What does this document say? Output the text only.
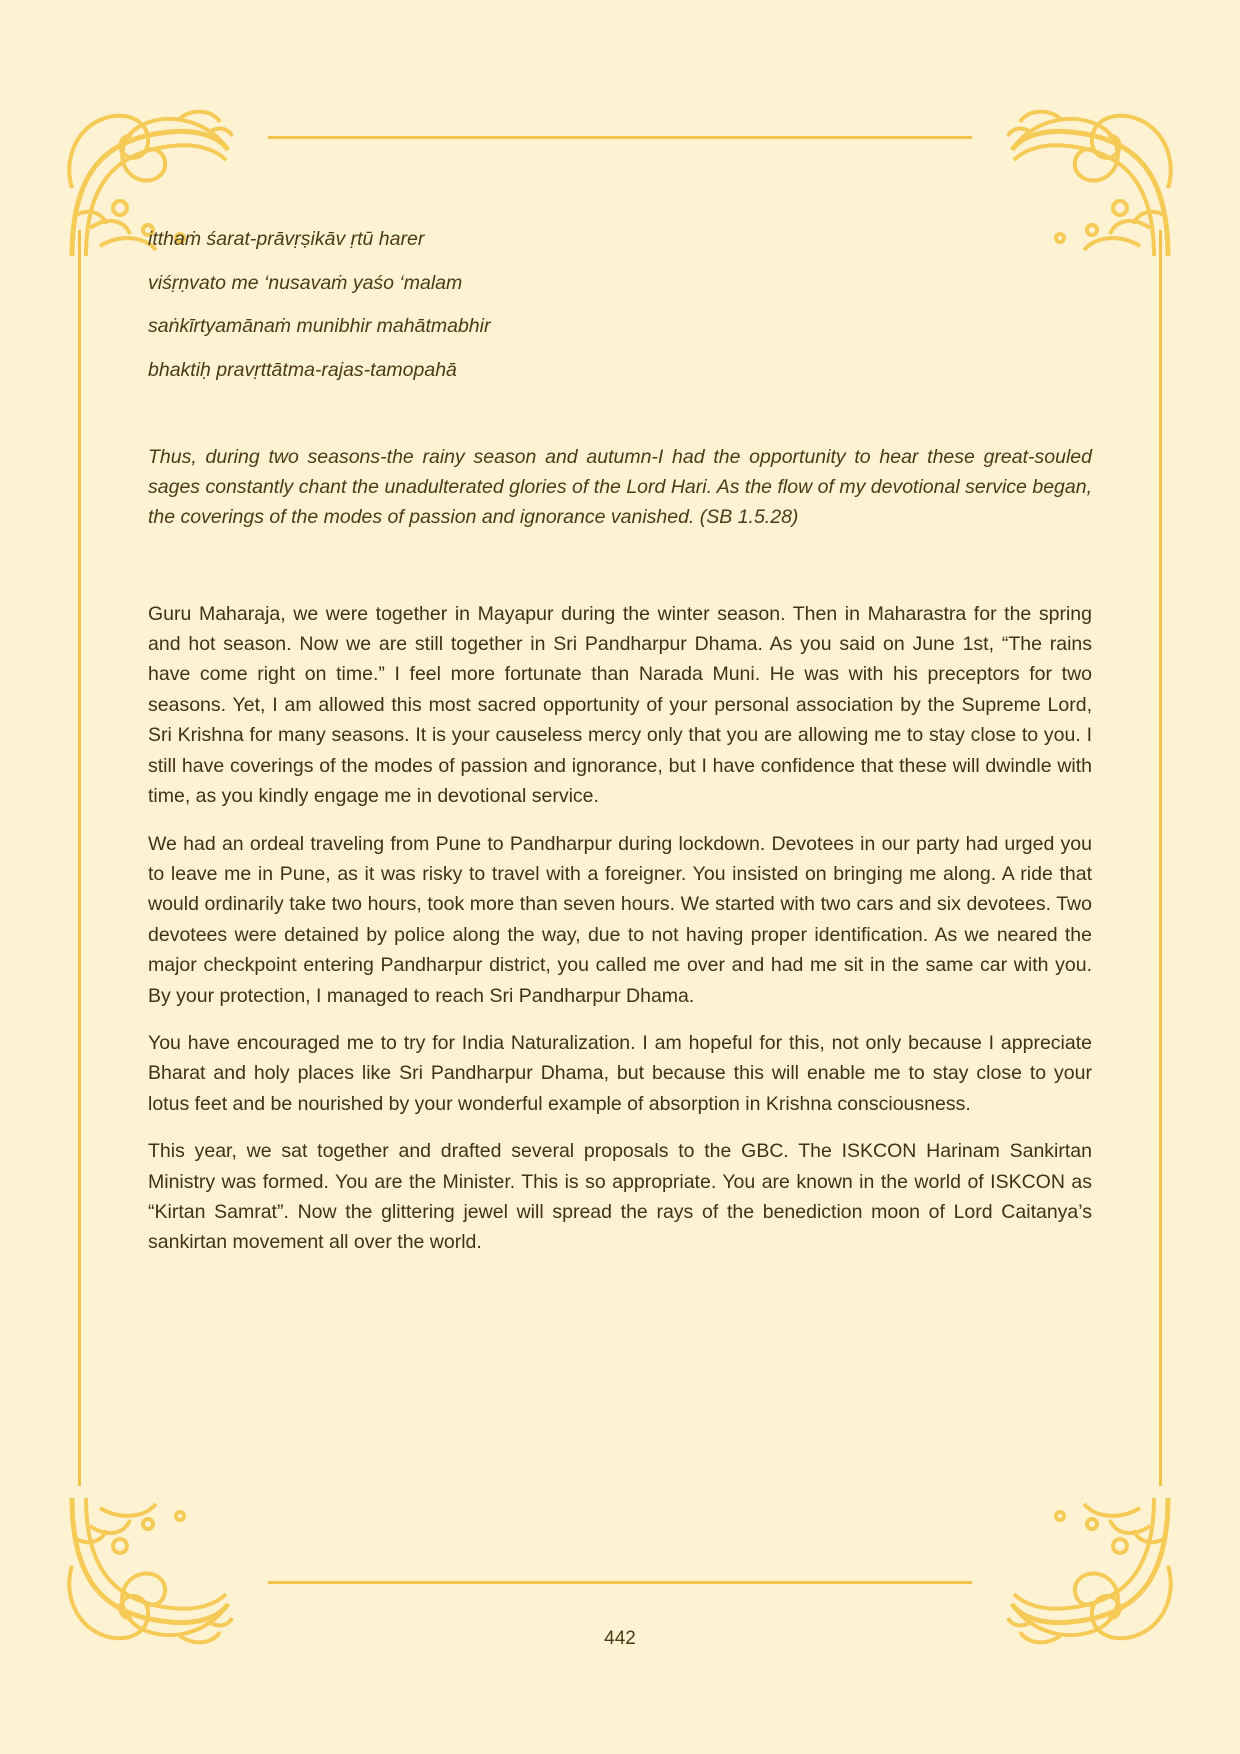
itthaṁ śarat-prāvṛṣikāv ṛtū harer

viśṛṇvato me ‘nusavaṁ yaśo ‘malam

saṅkīrtyamānaṁ munibhir mahātmabhir

bhaktiḥ pravṛttātma-rajas-tamopahā

Thus, during two seasons-the rainy season and autumn-I had the opportunity to hear these great-souled sages constantly chant the unadulterated glories of the Lord Hari. As the flow of my devotional service began, the coverings of the modes of passion and ignorance vanished. (SB 1.5.28)

Guru Maharaja, we were together in Mayapur during the winter season. Then in Maharastra for the spring and hot season. Now we are still together in Sri Pandharpur Dhama. As you said on June 1st, “The rains have come right on time.” I feel more fortunate than Narada Muni. He was with his preceptors for two seasons. Yet, I am allowed this most sacred opportunity of your personal association by the Supreme Lord, Sri Krishna for many seasons. It is your causeless mercy only that you are allowing me to stay close to you. I still have coverings of the modes of passion and ignorance, but I have confidence that these will dwindle with time, as you kindly engage me in devotional service.

We had an ordeal traveling from Pune to Pandharpur during lockdown. Devotees in our party had urged you to leave me in Pune, as it was risky to travel with a foreigner. You insisted on bringing me along. A ride that would ordinarily take two hours, took more than seven hours. We started with two cars and six devotees. Two devotees were detained by police along the way, due to not having proper identification. As we neared the major checkpoint entering Pandharpur district, you called me over and had me sit in the same car with you. By your protection, I managed to reach Sri Pandharpur Dhama.

You have encouraged me to try for India Naturalization. I am hopeful for this, not only because I appreciate Bharat and holy places like Sri Pandharpur Dhama, but because this will enable me to stay close to your lotus feet and be nourished by your wonderful example of absorption in Krishna consciousness.

This year, we sat together and drafted several proposals to the GBC. The ISKCON Harinam Sankirtan Ministry was formed. You are the Minister. This is so appropriate. You are known in the world of ISKCON as “Kirtan Samrat”. Now the glittering jewel will spread the rays of the benediction moon of Lord Caitanya’s sankirtan movement all over the world.

442
